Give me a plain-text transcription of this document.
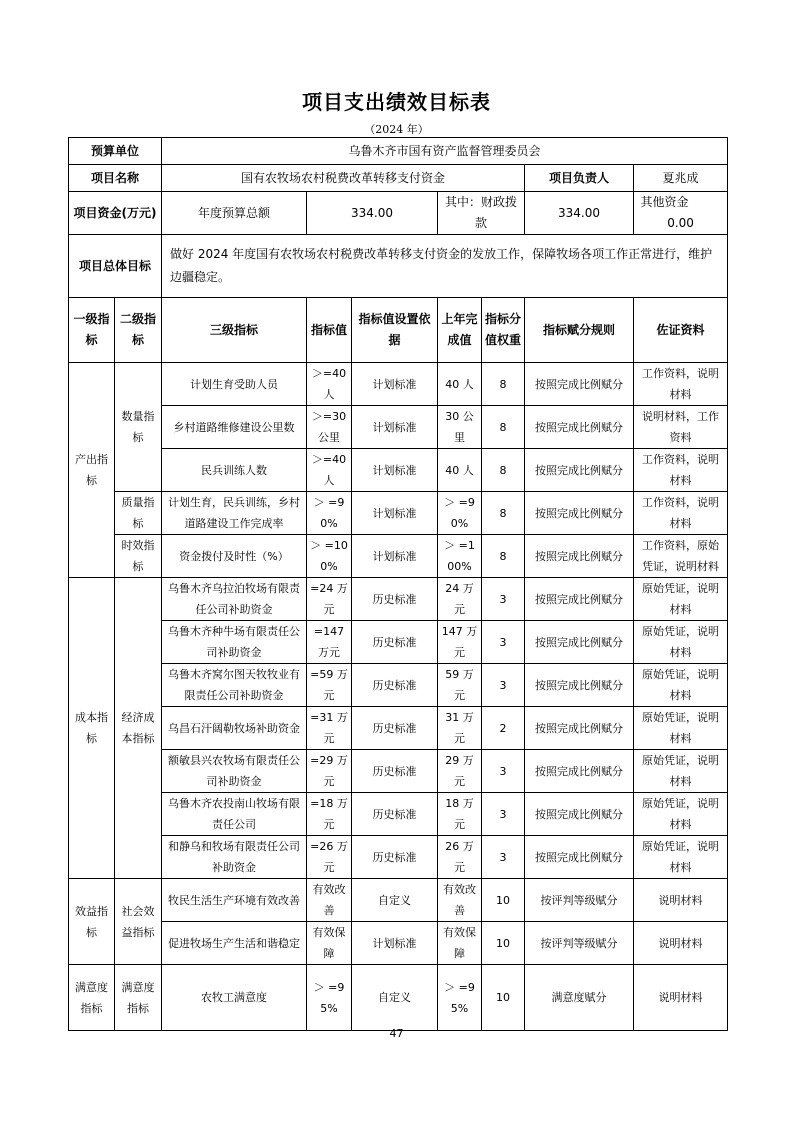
项目支出绩效目标表
（2024 年）
预算单位		乌鲁木齐市国有资产监督管理委员会						
项目名称		国有农牧场农村税费改革转移支付资金					项目负责人	夏兆成
项目资金(万元)		年度预算总额	334.00		其中：财政拨款		334.00	其他资金0.00
项目总体目标		做好 2024 年度国有农牧场农村税费改革转移支付资金的发放工作，保障牧场各项工作正常进行，维护边疆稳定。						
一级指标	二级指标	三级指标	指标值	指标值设置依据	上年完成值	指标分值权重	指标赋分规则	佐证资料
产出指标	数量指标	计划生育受助人员	＞=40人	计划标准	40 人	8	按照完成比例赋分	工作资料，说明材料
		乡村道路维修建设公里数	＞=30公里	计划标准	30 公里	8	按照完成比例赋分	说明材料，工作资料
		民兵训练人数	＞=40人	计划标准	40 人	8	按照完成比例赋分	工作资料，说明材料
	质量指标	计划生育，民兵训练，乡村道路建设工作完成率	＞ =90%	计划标准	＞ =90%	8	按照完成比例赋分	工作资料，说明材料
	时效指标	资金拨付及时性（%）	＞ =100%	计划标准	＞ =100%	8	按照完成比例赋分	工作资料，原始凭证，说明材料
成本指标	经济成本指标	乌鲁木齐乌拉泊牧场有限责任公司补助资金	=24 万元	历史标准	24 万元	3	按照完成比例赋分	原始凭证，说明材料
		乌鲁木齐种牛场有限责任公司补助资金	=147万元	历史标准	147 万元	3	按照完成比例赋分	原始凭证，说明材料
		乌鲁木齐窝尔图天牧牧业有限责任公司补助资金	=59 万元	历史标准	59 万元	3	按照完成比例赋分	原始凭证，说明材料
		乌昌石汗阔勒牧场补助资金	=31 万元	历史标准	31 万元	2	按照完成比例赋分	原始凭证，说明材料
		额敏县兴农牧场有限责任公司补助资金	=29 万元	历史标准	29 万元	3	按照完成比例赋分	原始凭证，说明材料
		乌鲁木齐农投南山牧场有限责任公司	=18 万元	历史标准	18 万元	3	按照完成比例赋分	原始凭证，说明材料
		和静乌和牧场有限责任公司补助资金	=26 万元	历史标准	26 万元	3	按照完成比例赋分	原始凭证，说明材料
效益指标	社会效益指标	牧民生活生产环境有效改善	有效改善	自定义	有效改善	10	按评判等级赋分	说明材料
		促进牧场生产生活和谐稳定	有效保障	计划标准	有效保障	10	按评判等级赋分	说明材料
满意度指标	满意度指标	农牧工满意度	＞ =95%	自定义	＞ =95%	10	满意度赋分	说明材料
47
